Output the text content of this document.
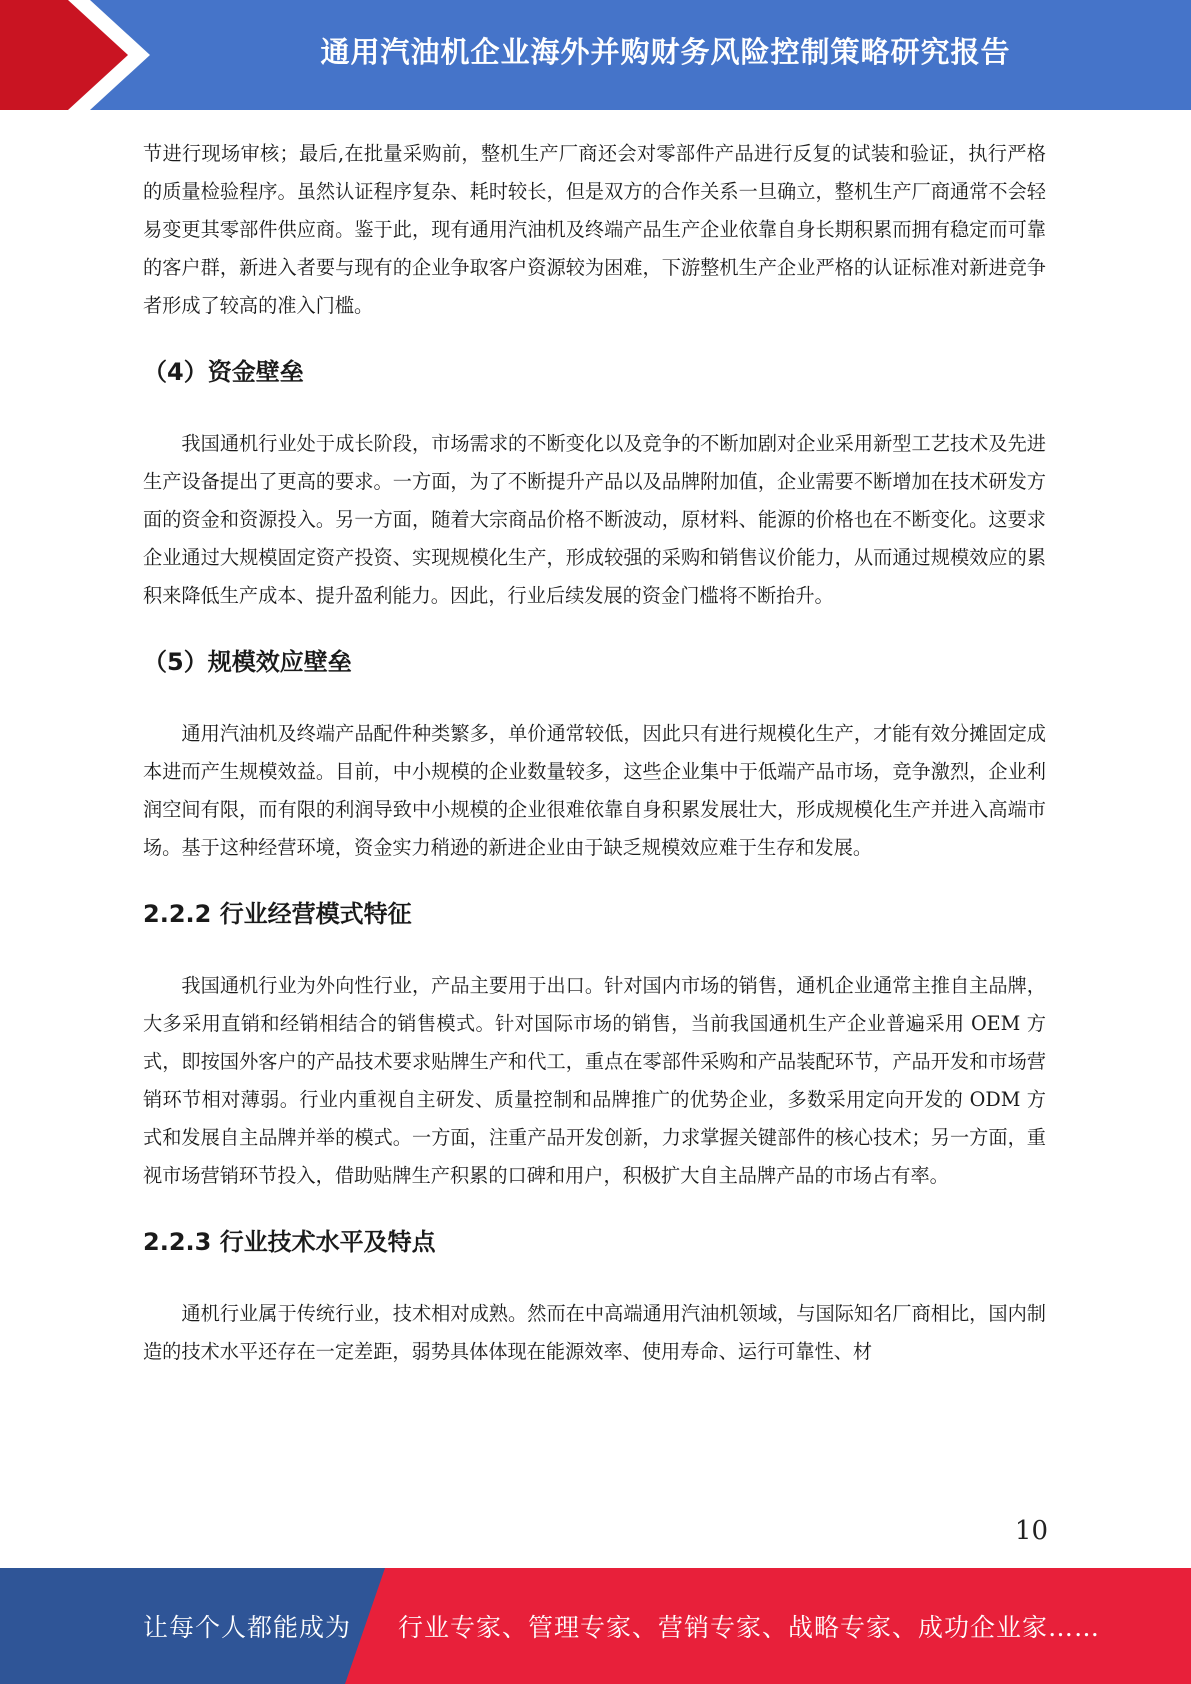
通用汽油机企业海外并购财务风险控制策略研究报告

节进行现场审核；最后,在批量采购前，整机生产厂商还会对零部件产品进行反复的试装和验证，执行严格的质量检验程序。虽然认证程序复杂、耗时较长，但是双方的合作关系一旦确立，整机生产厂商通常不会轻易变更其零部件供应商。鉴于此，现有通用汽油机及终端产品生产企业依靠自身长期积累而拥有稳定而可靠的客户群，新进入者要与现有的企业争取客户资源较为困难，下游整机生产企业严格的认证标准对新进竞争者形成了较高的准入门槛。

（4）资金壁垒

我国通机行业处于成长阶段，市场需求的不断变化以及竞争的不断加剧对企业采用新型工艺技术及先进生产设备提出了更高的要求。一方面，为了不断提升产品以及品牌附加值，企业需要不断增加在技术研发方面的资金和资源投入。另一方面，随着大宗商品价格不断波动，原材料、能源的价格也在不断变化。这要求企业通过大规模固定资产投资、实现规模化生产，形成较强的采购和销售议价能力，从而通过规模效应的累积来降低生产成本、提升盈利能力。因此，行业后续发展的资金门槛将不断抬升。

（5）规模效应壁垒

通用汽油机及终端产品配件种类繁多，单价通常较低，因此只有进行规模化生产，才能有效分摊固定成本进而产生规模效益。目前，中小规模的企业数量较多，这些企业集中于低端产品市场，竞争激烈，企业利润空间有限，而有限的利润导致中小规模的企业很难依靠自身积累发展壮大，形成规模化生产并进入高端市场。基于这种经营环境，资金实力稍逊的新进企业由于缺乏规模效应难于生存和发展。

2.2.2 行业经营模式特征

我国通机行业为外向性行业，产品主要用于出口。针对国内市场的销售，通机企业通常主推自主品牌，大多采用直销和经销相结合的销售模式。针对国际市场的销售，当前我国通机生产企业普遍采用 OEM 方式，即按国外客户的产品技术要求贴牌生产和代工，重点在零部件采购和产品装配环节，产品开发和市场营销环节相对薄弱。行业内重视自主研发、质量控制和品牌推广的优势企业，多数采用定向开发的 ODM 方式和发展自主品牌并举的模式。一方面，注重产品开发创新，力求掌握关键部件的核心技术；另一方面，重视市场营销环节投入，借助贴牌生产积累的口碑和用户，积极扩大自主品牌产品的市场占有率。

2.2.3 行业技术水平及特点

通机行业属于传统行业，技术相对成熟。然而在中高端通用汽油机领域，与国际知名厂商相比，国内制造的技术水平还存在一定差距，弱势具体体现在能源效率、使用寿命、运行可靠性、材

10
让每个人都能成为 行业专家、管理专家、营销专家、战略专家、成功企业家……
